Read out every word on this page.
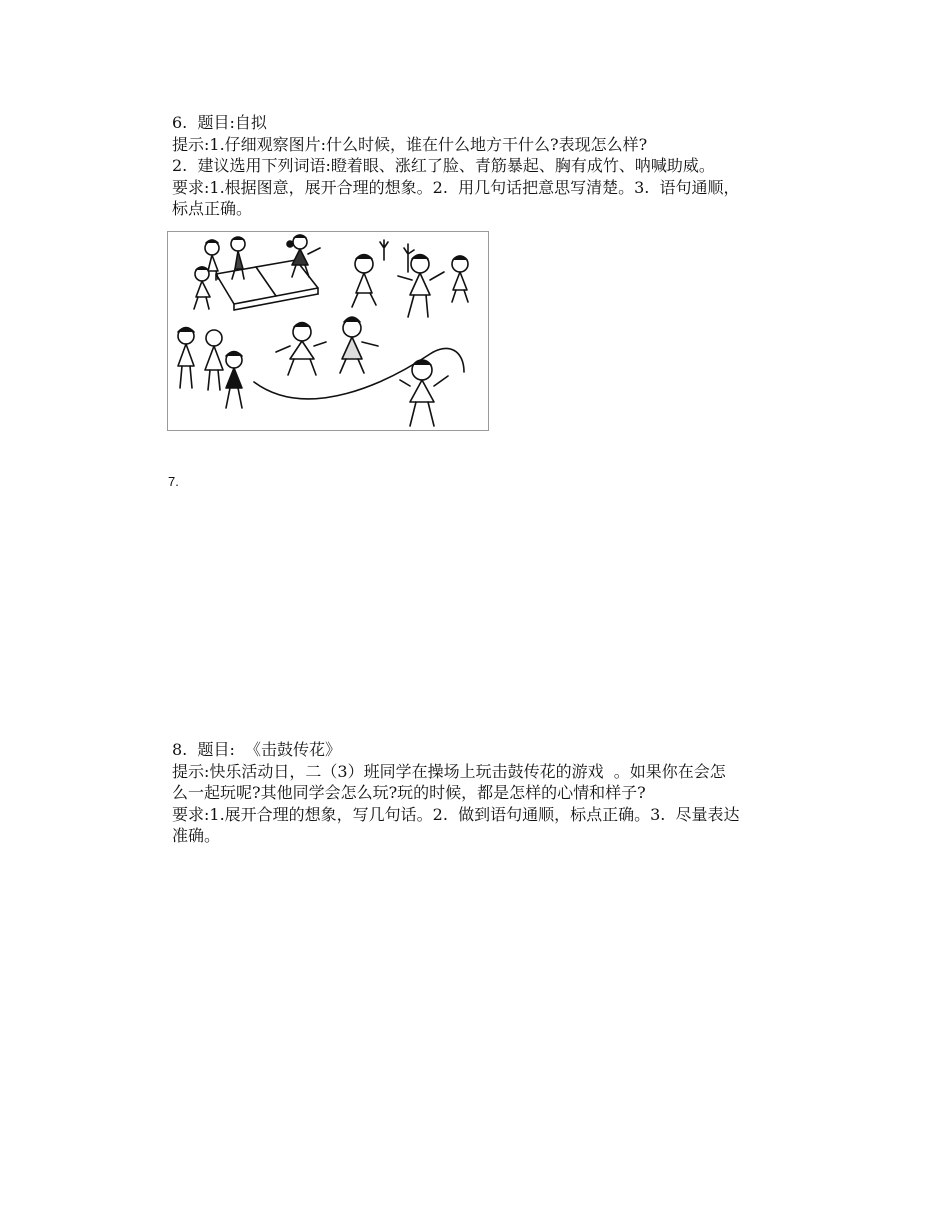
6.  题目:自拟

提示:1.仔细观察图片:什么时候，谁在什么地方干什么?表现怎么样?

2.  建议选用下列词语:瞪着眼、涨红了脸、青筋暴起、胸有成竹、呐喊助威。

要求:1.根据图意，展开合理的想象。2.  用几句话把意思写清楚。3.  语句通顺，

标点正确。

7.

8.  题目:  《击鼓传花》

提示:快乐活动日，二（3）班同学在操场上玩击鼓传花的游戏  。如果你在会怎

么一起玩呢?其他同学会怎么玩?玩的时候，都是怎样的心情和样子?

要求:1.展开合理的想象，写几句话。2.  做到语句通顺，标点正确。3.  尽量表达

准确。
